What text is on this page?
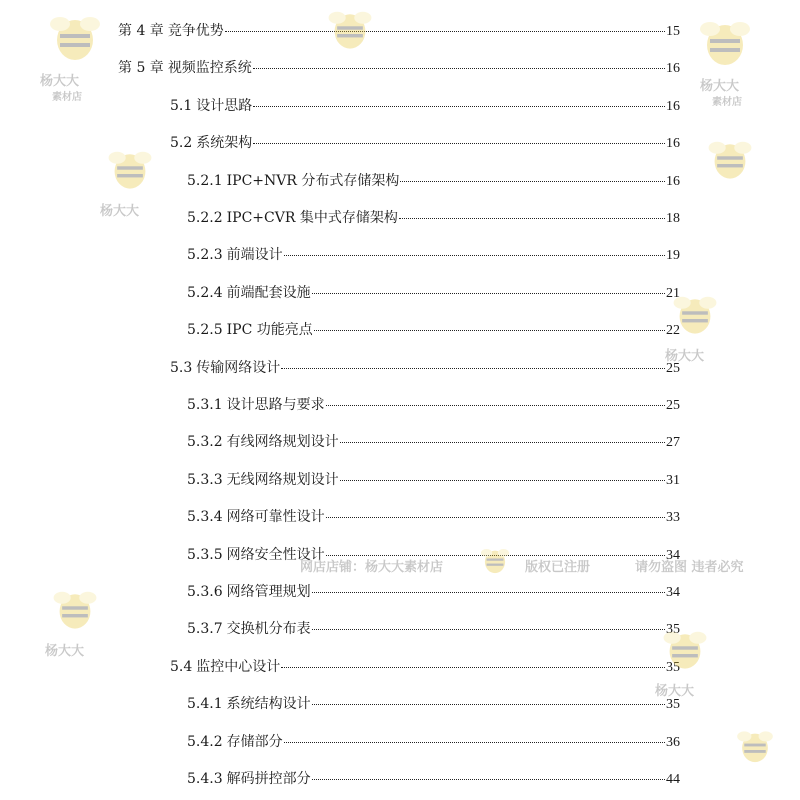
第 4 章 竞争优势	15
第 5 章 视频监控系统	16
5.1 设计思路	16
5.2 系统架构	16
5.2.1 IPC+NVR 分布式存储架构	16
5.2.2 IPC+CVR 集中式存储架构	18
5.2.3 前端设计	19
5.2.4 前端配套设施	21
5.2.5 IPC 功能亮点	22
5.3 传输网络设计	25
5.3.1 设计思路与要求	25
5.3.2 有线网络规划设计	27
5.3.3 无线网络规划设计	31
5.3.4 网络可靠性设计	33
5.3.5 网络安全性设计	34
5.3.6 网络管理规划	34
5.3.7 交换机分布表	35
5.4 监控中心设计	35
5.4.1 系统结构设计	35
5.4.2 存储部分	36
5.4.3 解码拼控部分	44
杨大大	杨大大
杨大大
杨大大
杨大大
杨大大
素材店	素材店
网店店铺：杨大大素材店	版权已注册	请勿盗图 违者必究
